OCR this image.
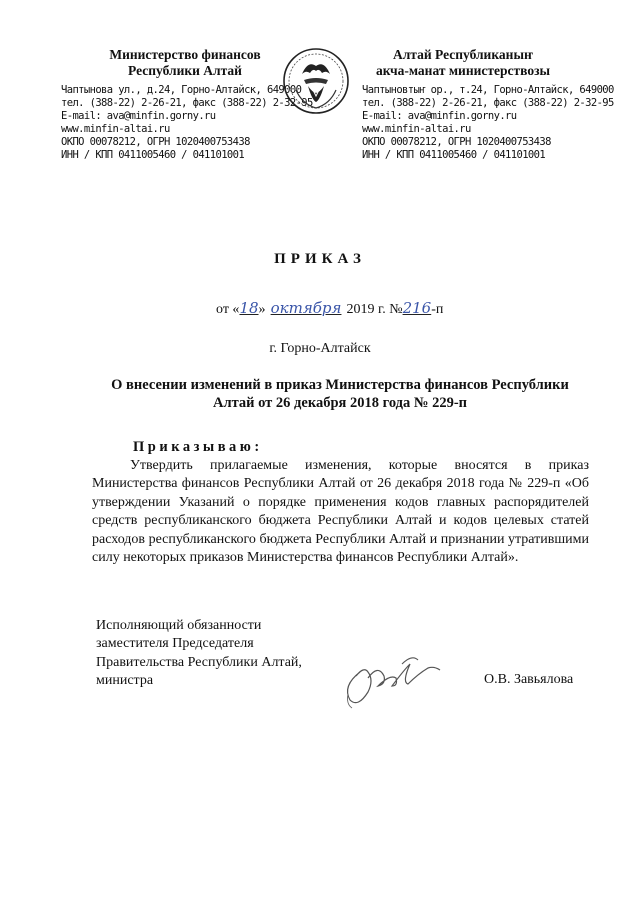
Министерство финансов
Республики Алтай
Чаптынова ул., д.24, Горно-Алтайск, 649000
тел. (388-22) 2-26-21, факс (388-22) 2-32-95
E-mail: ava@minfin.gorny.ru
www.minfin-altai.ru
ОКПО 00078212, ОГРН 1020400753438
ИНН / КПП 0411005460 / 041101001
Алтай Республиканыҥ
акча-манат министерствозы
Чаптыновтыҥ ор., т.24, Горно-Алтайск, 649000
тел. (388-22) 2-26-21, факс (388-22) 2-32-95
E-mail: ava@minfin.gorny.ru
www.minfin-altai.ru
ОКПО 00078212, ОГРН 1020400753438
ИНН / КПП 0411005460 / 041101001
ПРИКАЗ
от «18» октября 2019 г. №216-п
г. Горно-Алтайск
О внесении изменений в приказ Министерства финансов Республики Алтай от 26 декабря 2018 года № 229-п
Приказываю:
Утвердить прилагаемые изменения, которые вносятся в приказ Министерства финансов Республики Алтай от 26 декабря 2018 года № 229-п «Об утверждении Указаний о порядке применения кодов главных распорядителей средств республиканского бюджета Республики Алтай и кодов целевых статей расходов республиканского бюджета Республики Алтай и признании утратившими силу некоторых приказов Министерства финансов Республики Алтай».
Исполняющий обязанности
заместителя Председателя
Правительства Республики Алтай,
министра	О.В. Завьялова
